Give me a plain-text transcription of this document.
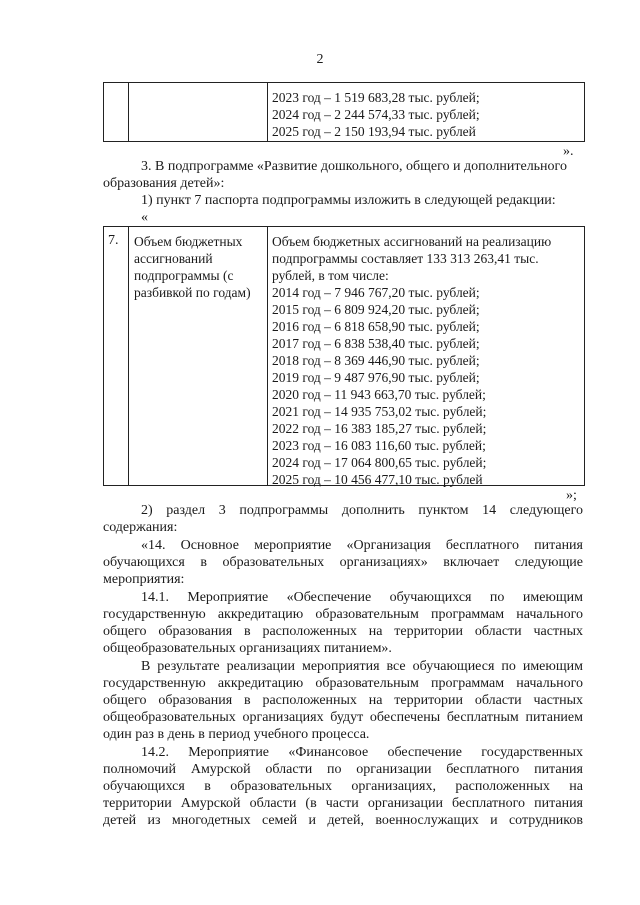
2
2023 год – 1 519 683,28 тыс. рублей;
2024 год – 2 244 574,33 тыс. рублей;
2025 год – 2 150 193,94 тыс. рублей
».
3. В подпрограмме «Развитие дошкольного, общего и дополнительного
образования детей»:
1) пункт 7 паспорта подпрограммы изложить в следующей редакции:
«
7. Объем бюджетных
ассигнований
подпрограммы (с
разбивкой по годам)
Объем бюджетных ассигнований на реализацию
подпрограммы составляет 133 313 263,41 тыс.
рублей, в том числе:
2014 год – 7 946 767,20 тыс. рублей;
2015 год – 6 809 924,20 тыс. рублей;
2016 год – 6 818 658,90 тыс. рублей;
2017 год – 6 838 538,40 тыс. рублей;
2018 год – 8 369 446,90 тыс. рублей;
2019 год – 9 487 976,90 тыс. рублей;
2020 год – 11 943 663,70 тыс. рублей;
2021 год – 14 935 753,02 тыс. рублей;
2022 год – 16 383 185,27 тыс. рублей;
2023 год – 16 083 116,60 тыс. рублей;
2024 год – 17 064 800,65 тыс. рублей;
2025 год – 10 456 477,10 тыс. рублей
»;
2) раздел 3 подпрограммы дополнить пунктом 14 следующего
содержания:
«14. Основное мероприятие «Организация бесплатного питания
обучающихся в образовательных организациях» включает следующие
мероприятия:
14.1. Мероприятие «Обеспечение обучающихся по имеющим
государственную аккредитацию образовательным программам начального
общего образования в расположенных на территории области частных
общеобразовательных организациях питанием».
В результате реализации мероприятия все обучающиеся по имеющим
государственную аккредитацию образовательным программам начального
общего образования в расположенных на территории области частных
общеобразовательных организациях будут обеспечены бесплатным питанием
один раз в день в период учебного процесса.
14.2. Мероприятие «Финансовое обеспечение государственных
полномочий Амурской области по организации бесплатного питания
обучающихся в образовательных организациях, расположенных на
территории Амурской области (в части организации бесплатного питания
детей из многодетных семей и детей, военнослужащих и сотрудников
